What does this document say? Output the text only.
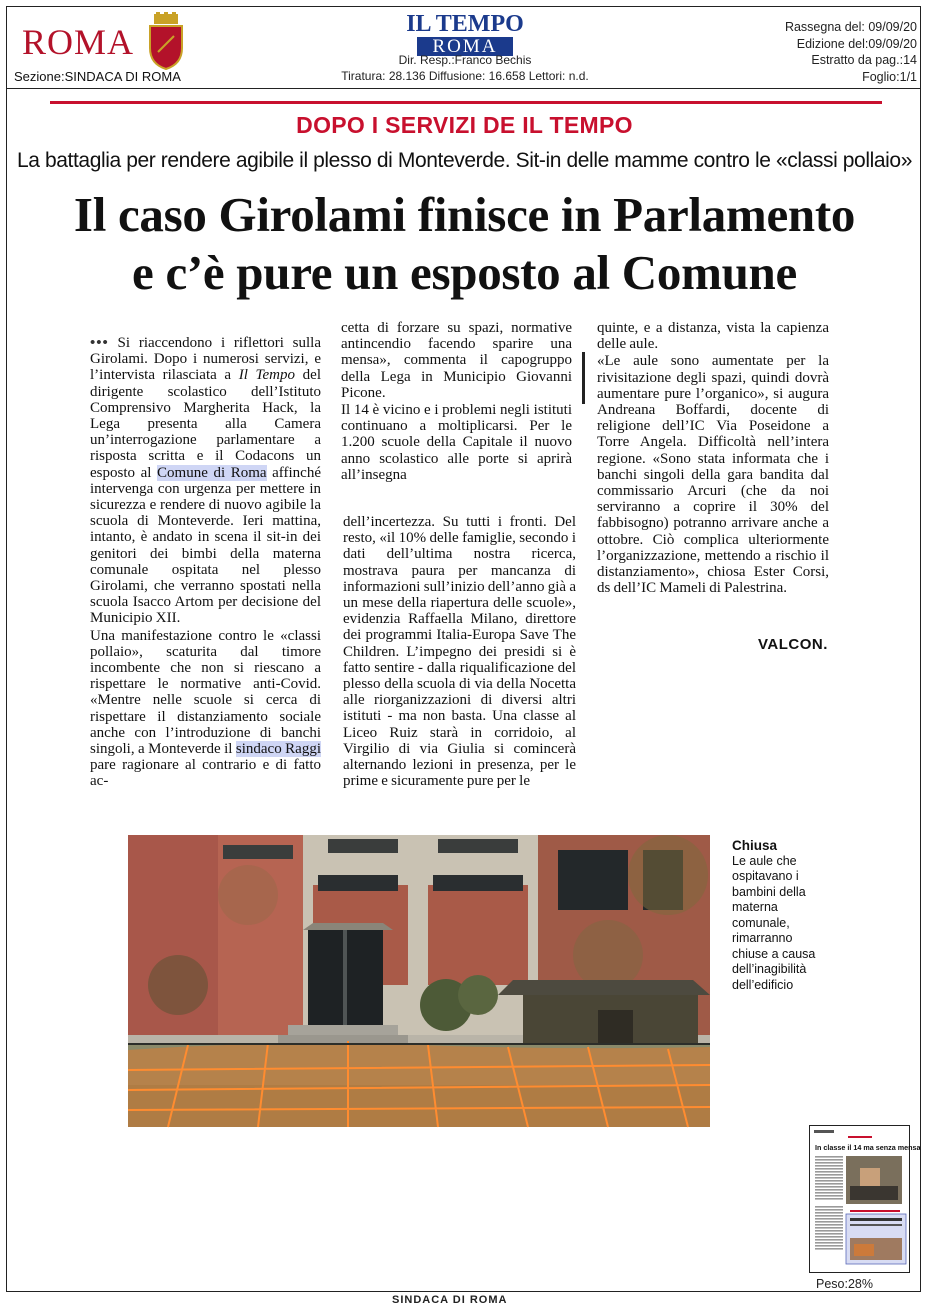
ROMA
Sezione:SINDACA DI ROMA
IL TEMPO
ROMA
Dir. Resp.:Franco Bechis
Tiratura: 28.136 Diffusione: 16.658 Lettori: n.d.
Rassegna del: 09/09/20
Edizione del:09/09/20
Estratto da pag.:14
Foglio:1/1
DOPO I SERVIZI DE IL TEMPO
La battaglia per rendere agibile il plesso di Monteverde. Sit-in delle mamme contro le «classi pollaio»
Il caso Girolami finisce in Parlamento
e c’è pure un esposto al Comune

••• Si riaccendono i riflettori sulla Girolami. Dopo i numerosi servizi, e l’intervista rilasciata a Il Tempo del dirigente scolastico dell’Istituto Comprensivo Margherita Hack, la Lega presenta alla Camera un’interrogazione parlamentare a risposta scritta e il Codacons un esposto al Comune di Roma affinché intervenga con urgenza per mettere in sicurezza e rendere di nuovo agibile la scuola di Monteverde. Ieri mattina, intanto, è andato in scena il sit-in dei genitori dei bimbi della materna comunale ospitata nel plesso Girolami, che verranno spostati nella scuola Isacco Artom per decisione del Municipio XII.

Una manifestazione contro le «classi pollaio», scaturita dal timore incombente che non si riescano a rispettare le normative anti-Covid. «Mentre nelle scuole si cerca di rispettare il distanziamento sociale anche con l’introduzione di banchi singoli, a Monteverde il sindaco Raggi pare ragionare al contrario e di fatto ac-

cetta di forzare su spazi, normative antincendio facendo sparire una mensa», commenta il capogruppo della Lega in Municipio Giovanni Picone.

Il 14 è vicino e i problemi negli istituti continuano a moltiplicarsi. Per le 1.200 scuole della Capitale il nuovo anno scolastico alle porte si aprirà all’insegna

dell’incertezza. Su tutti i fronti. Del resto, «il 10% delle famiglie, secondo i dati dell’ultima nostra ricerca, mostrava paura per mancanza di informazioni sull’inizio dell’anno già a un mese della riapertura delle scuole», evidenzia Raffaella Milano, direttore dei programmi Italia-Europa Save The Children. L’impegno dei presidi si è fatto sentire - dalla riqualificazione del plesso della scuola di via della Nocetta alle riorganizzazioni di diversi altri istituti - ma non basta. Una classe al Liceo Ruiz starà in corridoio, al Virgilio di via Giulia si comincerà alternando lezioni in presenza, per le prime e sicuramente pure per le

quinte, e a distanza, vista la capienza delle aule.

«Le aule sono aumentate per la rivisitazione degli spazi, quindi dovrà aumentare pure l’organico», si augura Andreana Boffardi, docente di religione dell’IC Via Poseidone a Torre Angela. Difficoltà nell’intera regione. «Sono stata informata che i banchi singoli della gara bandita dal commissario Arcuri (che da noi serviranno a coprire il 30% del fabbisogno) potranno arrivare anche a ottobre. Ciò complica ulteriormente l’organizzazione, mettendo a rischio il distanziamento», chiosa Ester Corsi, ds dell’IC Mameli di Palestrina.

VALCON.
Chiusa
Le aule che ospitavano i bambini della materna comunale, rimarranno chiuse a causa dell’inagibilità dell’edificio
In classe il 14 ma senza mensa
Peso:28%
SINDACA DI ROMA
